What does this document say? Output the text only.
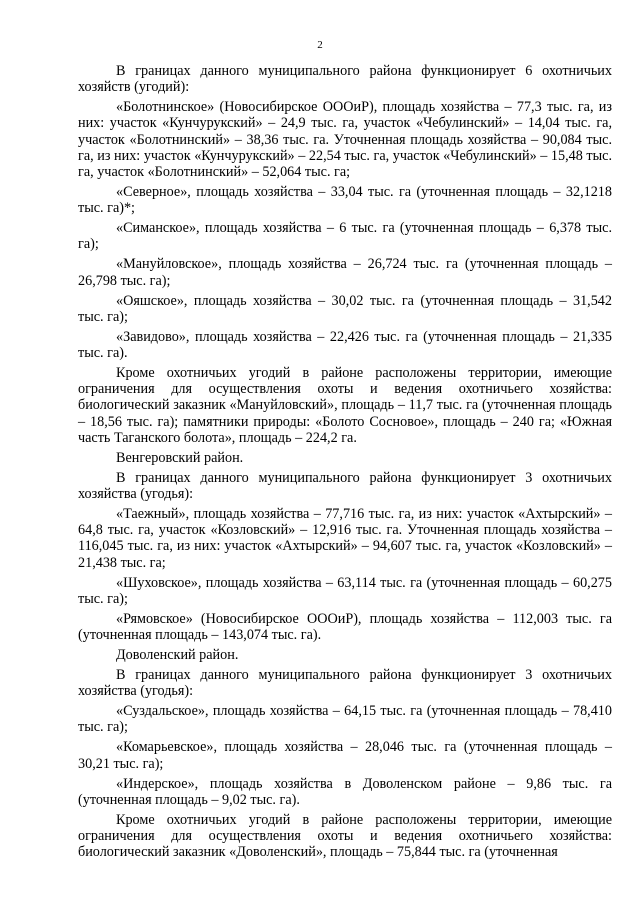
2

В границах данного муниципального района функционирует 6 охотничьих хозяйств (угодий):

«Болотнинское» (Новосибирское ОООиР), площадь хозяйства – 77,3 тыс. га, из них: участок «Кунчурукский» – 24,9 тыс. га, участок «Чебулинский» – 14,04 тыс. га, участок «Болотнинский» – 38,36 тыс. га. Уточненная площадь хозяйства – 90,084 тыс. га, из них: участок «Кунчурукский» – 22,54 тыс. га, участок «Чебулинский» – 15,48 тыс. га, участок «Болотнинский» – 52,064 тыс. га;

«Северное», площадь хозяйства – 33,04 тыс. га (уточненная площадь – 32,1218 тыс. га)*;

«Симанское», площадь хозяйства – 6 тыс. га (уточненная площадь – 6,378 тыс. га);

«Мануйловское», площадь хозяйства – 26,724 тыс. га (уточненная площадь – 26,798 тыс. га);

«Ояшское», площадь хозяйства – 30,02 тыс. га (уточненная площадь – 31,542 тыс. га);

«Завидово», площадь хозяйства – 22,426 тыс. га (уточненная площадь – 21,335 тыс. га).

Кроме охотничьих угодий в районе расположены территории, имеющие ограничения для осуществления охоты и ведения охотничьего хозяйства: биологический заказник «Мануйловский», площадь – 11,7 тыс. га (уточненная площадь – 18,56 тыс. га); памятники природы: «Болото Сосновое», площадь – 240 га; «Южная часть Таганского болота», площадь – 224,2 га.

Венгеровский район.

В границах данного муниципального района функционирует 3 охотничьих хозяйства (угодья):

«Таежный», площадь хозяйства – 77,716 тыс. га, из них: участок «Ахтырский» – 64,8 тыс. га, участок «Козловский» – 12,916 тыс. га. Уточненная площадь хозяйства – 116,045 тыс. га, из них: участок «Ахтырский» – 94,607 тыс. га, участок «Козловский» – 21,438 тыс. га;

«Шуховское», площадь хозяйства – 63,114 тыс. га (уточненная площадь – 60,275 тыс. га);

«Рямовское» (Новосибирское ОООиР), площадь хозяйства – 112,003 тыс. га (уточненная площадь – 143,074 тыс. га).

Доволенский район.

В границах данного муниципального района функционирует 3 охотничьих хозяйства (угодья):

«Суздальское», площадь хозяйства – 64,15 тыс. га (уточненная площадь – 78,410 тыс. га);

«Комарьевское», площадь хозяйства – 28,046 тыс. га (уточненная площадь – 30,21 тыс. га);

«Индерское», площадь хозяйства в Доволенском районе – 9,86 тыс. га (уточненная площадь – 9,02 тыс. га).

Кроме охотничьих угодий в районе расположены территории, имеющие ограничения для осуществления охоты и ведения охотничьего хозяйства: биологический заказник «Доволенский», площадь – 75,844 тыс. га (уточненная
